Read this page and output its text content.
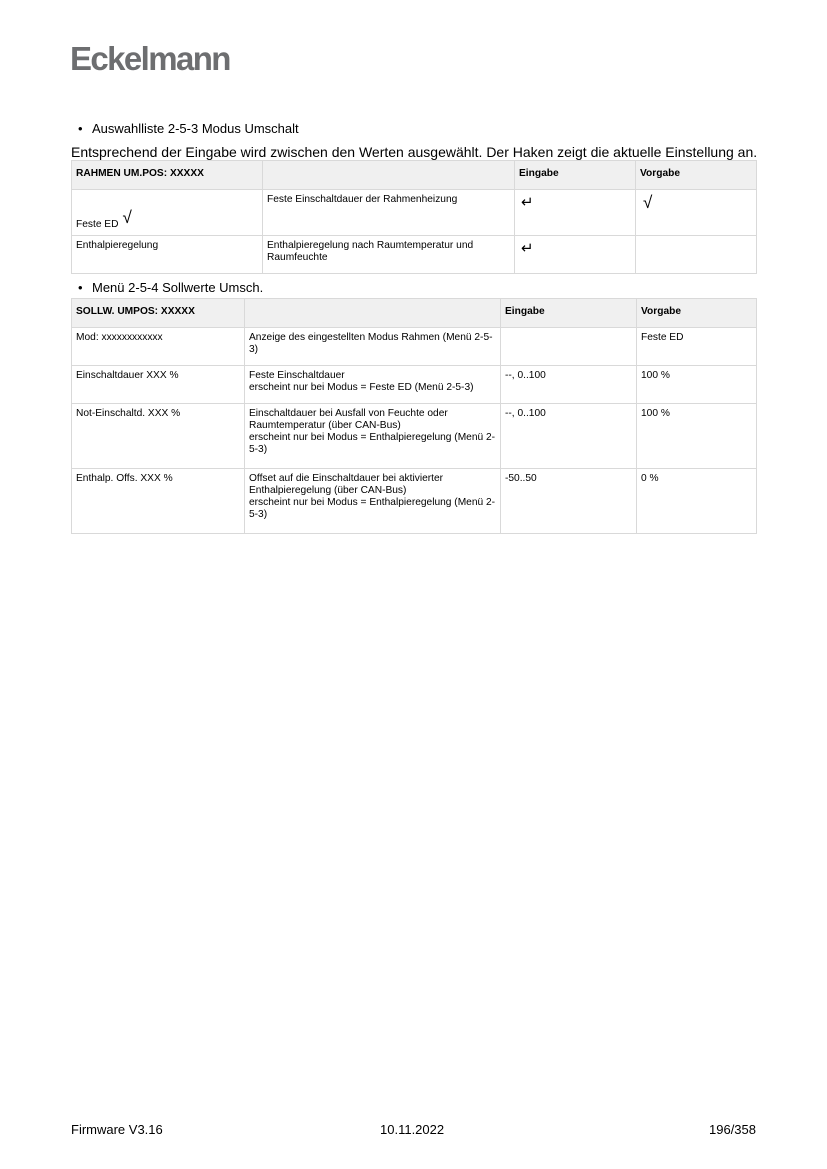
Eckelmann
• Auswahlliste 2-5-3 Modus Umschalt
Entsprechend der Eingabe wird zwischen den Werten ausgewählt. Der Haken zeigt die aktuelle Einstellung an.
RAHMEN UM.POS: XXXXX		Eingabe	Vorgabe
Feste ED √	Feste Einschaltdauer der Rahmenheizung	↵	√
Enthalpieregelung	Enthalpieregelung nach Raumtemperatur und Raumfeuchte	↵	
• Menü 2-5-4 Sollwerte Umsch.
SOLLW. UMPOS: XXXXX		Eingabe	Vorgabe
Mod: xxxxxxxxxxxx	Anzeige des eingestellten Modus Rahmen (Menü 2-5-3)		Feste ED
Einschaltdauer XXX %	Feste Einschaltdauer
erscheint nur bei Modus = Feste ED (Menü 2-5-3)	--, 0..100	100 %
Not-Einschaltd. XXX %	Einschaltdauer bei Ausfall von Feuchte oder Raumtemperatur (über CAN-Bus)
erscheint nur bei Modus = Enthalpieregelung (Menü 2-5-3)	--, 0..100	100 %
Enthalp. Offs. XXX %	Offset auf die Einschaltdauer bei aktivierter Enthalpieregelung (über CAN-Bus)
erscheint nur bei Modus = Enthalpieregelung (Menü 2-5-3)	-50..50	0 %
Firmware V3.16	10.11.2022	196/358
